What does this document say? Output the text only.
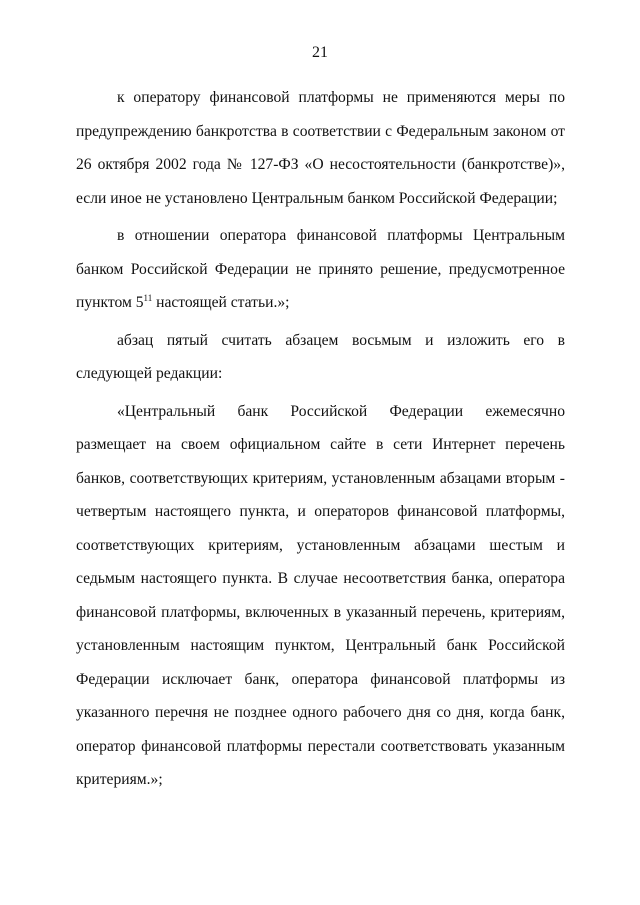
21

к оператору финансовой платформы не применяются меры по предупреждению банкротства в соответствии с Федеральным законом от 26 октября 2002 года № 127-ФЗ «О несостоятельности (банкротстве)», если иное не установлено Центральным банком Российской Федерации;

в отношении оператора финансовой платформы Центральным банком Российской Федерации не принято решение, предусмотренное пунктом $5^{11}$ настоящей статьи.»;

абзац пятый считать абзацем восьмым и изложить его в следующей редакции:

«Центральный банк Российской Федерации ежемесячно размещает на своем официальном сайте в сети Интернет перечень банков, соответствующих критериям, установленным абзацами вторым - четвертым настоящего пункта, и операторов финансовой платформы, соответствующих критериям, установленным абзацами шестым и седьмым настоящего пункта. В случае несоответствия банка, оператора финансовой платформы, включенных в указанный перечень, критериям, установленным настоящим пунктом, Центральный банк Российской Федерации исключает банк, оператора финансовой платформы из указанного перечня не позднее одного рабочего дня со дня, когда банк, оператор финансовой платформы перестали соответствовать указанным критериям.»;
